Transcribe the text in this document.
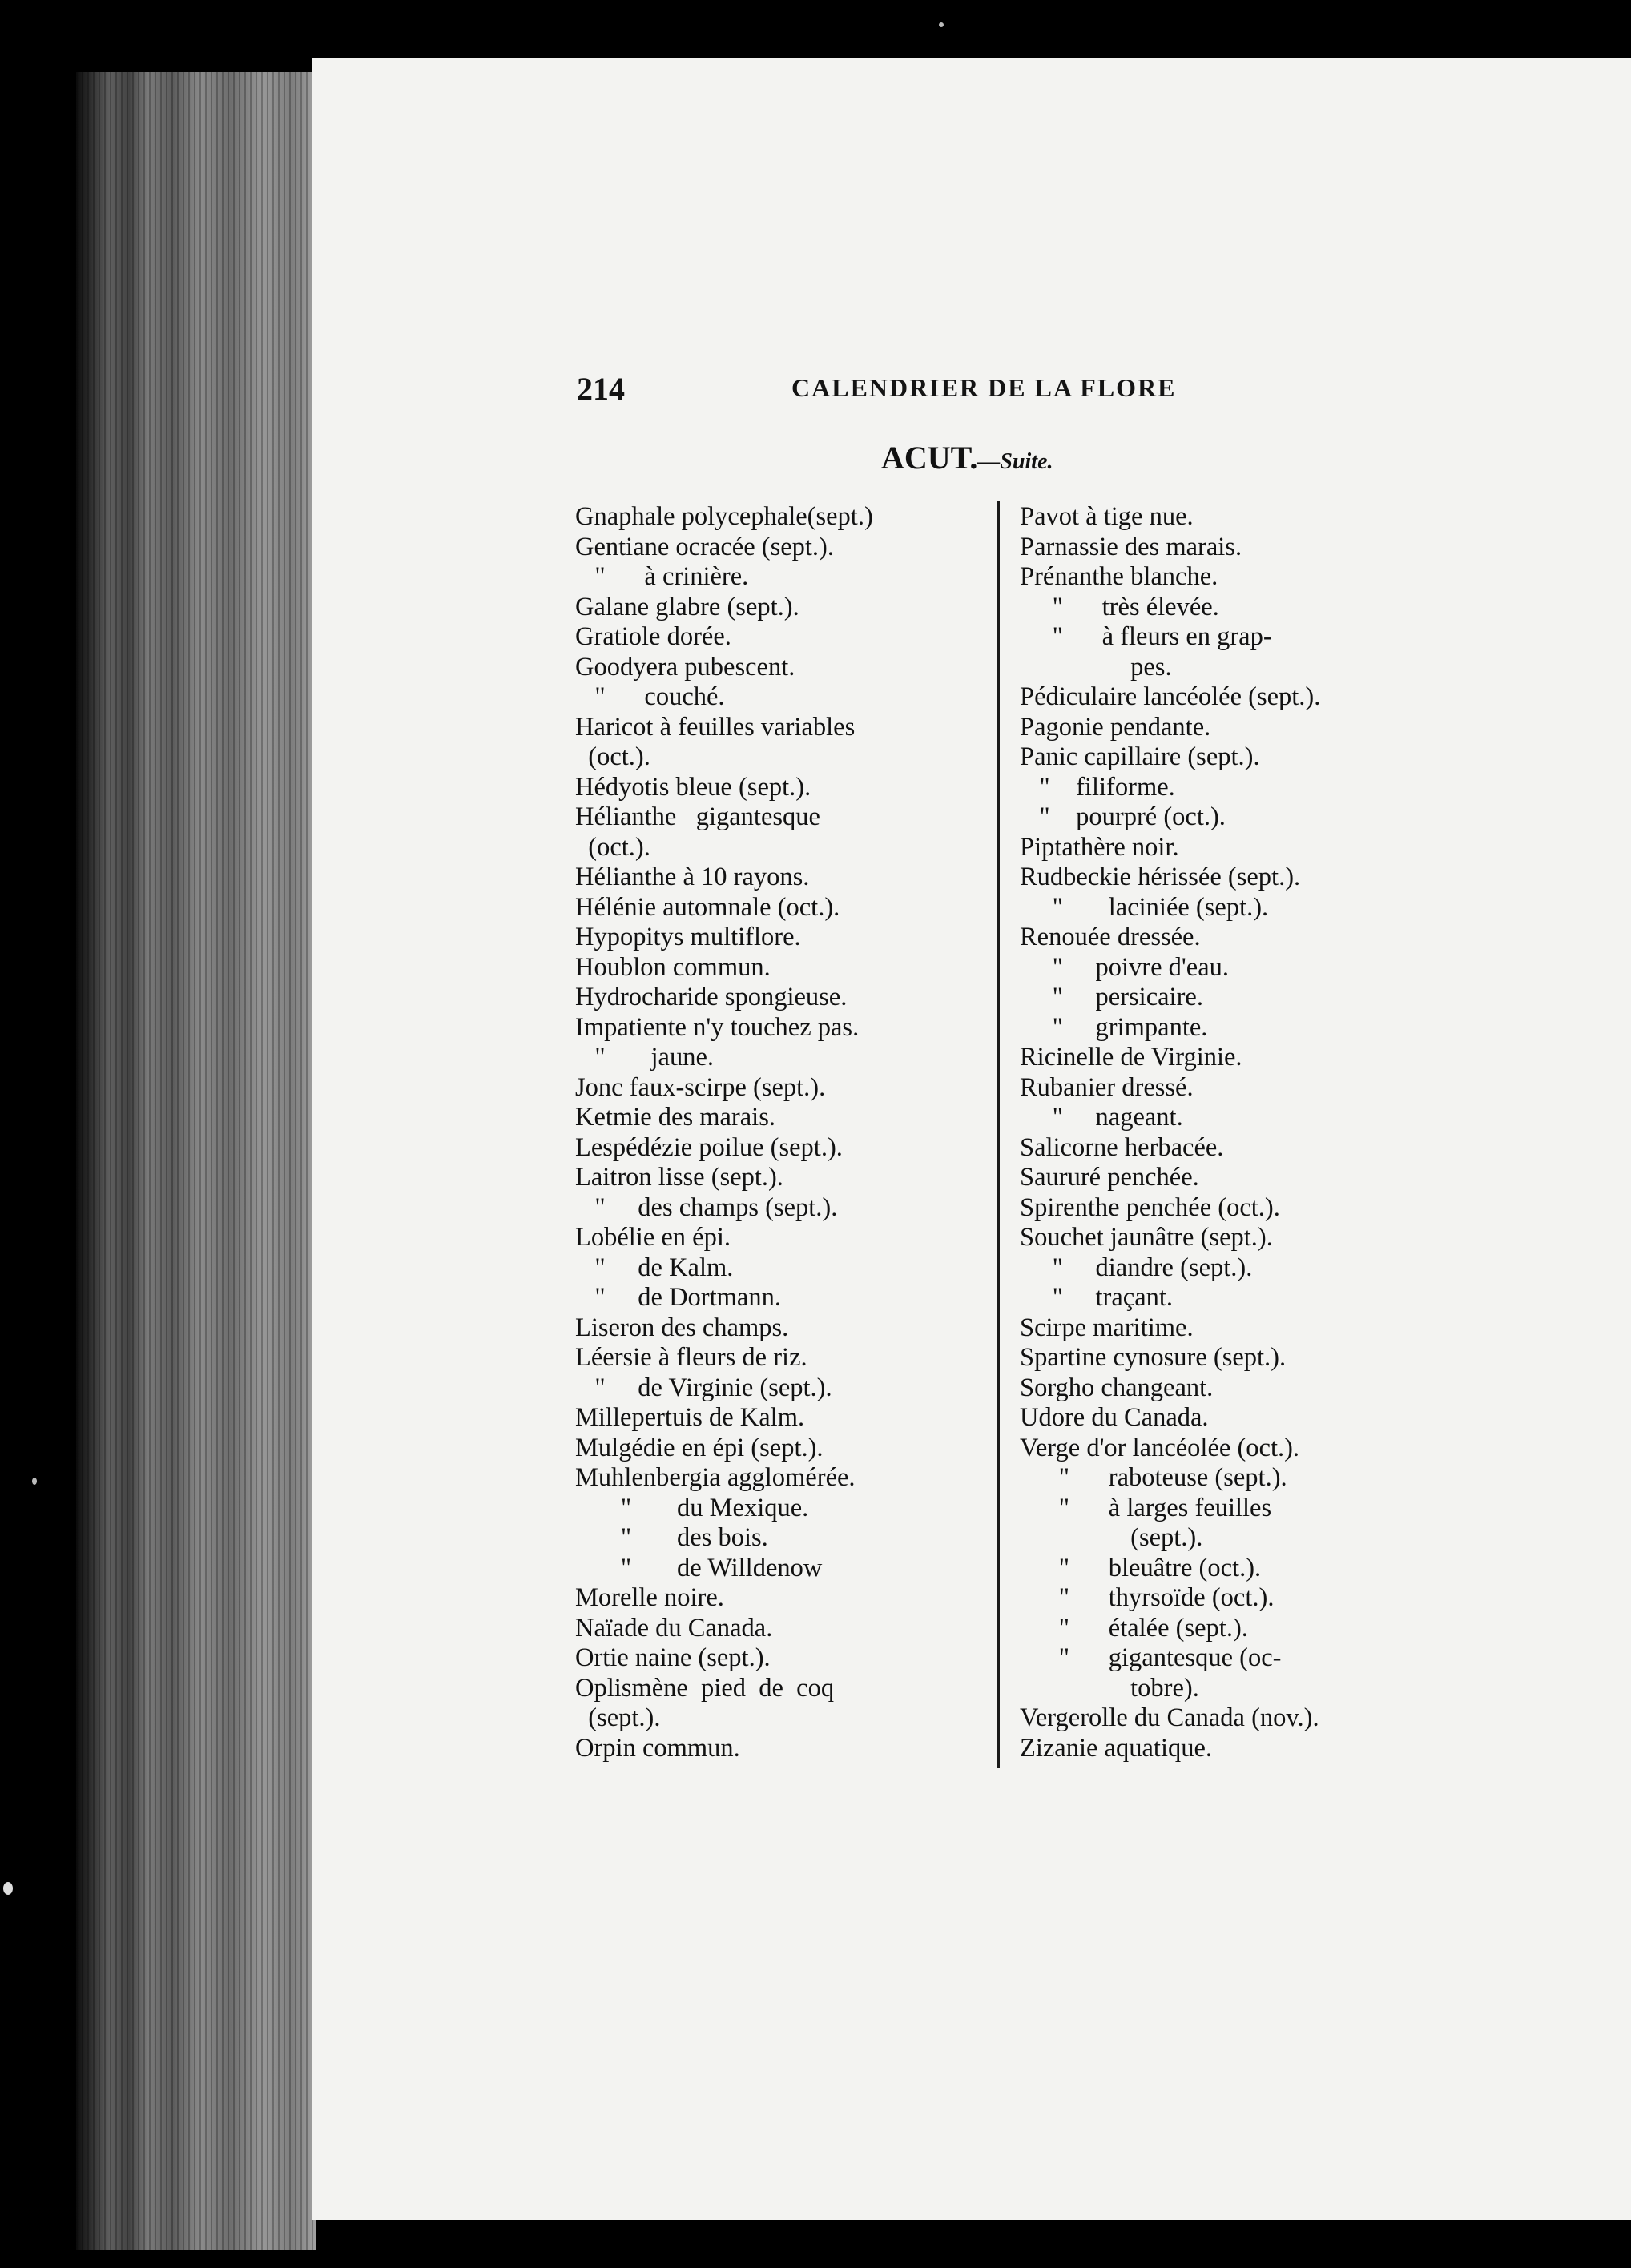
214	CALENDRIER DE LA FLORE
ACUT.—Suite.
Gnaphale polycephale(sept.)
Gentiane ocracée (sept.).
"      à crinière.
Galane glabre (sept.).
Gratiole dorée.
Goodyera pubescent.
"      couché.
Haricot à feuilles variables
(oct.).
Hédyotis bleue (sept.).
Hélianthe   gigantesque
(oct.).
Hélianthe à 10 rayons.
Hélénie automnale (oct.).
Hypopitys multiflore.
Houblon commun.
Hydrocharide spongieuse.
Impatiente n'y touchez pas.
"       jaune.
Jonc faux-scirpe (sept.).
Ketmie des marais.
Lespédézie poilue (sept.).
Laitron lisse (sept.).
"     des champs (sept.).
Lobélie en épi.
"     de Kalm.
"     de Dortmann.
Liseron des champs.
Léersie à fleurs de riz.
"     de Virginie (sept.).
Millepertuis de Kalm.
Mulgédie en épi (sept.).
Muhlenbergia agglomérée.
"       du Mexique.
"       des bois.
"       de Willdenow
Morelle noire.
Naïade du Canada.
Ortie naine (sept.).
Oplismène  pied  de  coq
(sept.).
Orpin commun.
Pavot à tige nue.
Parnassie des marais.
Prénanthe blanche.
"      très élevée.
"      à fleurs en grap-
pes.
Pédiculaire lancéolée (sept.).
Pagonie pendante.
Panic capillaire (sept.).
"    filiforme.
"    pourpré (oct.).
Piptathère noir.
Rudbeckie hérissée (sept.).
"       laciniée (sept.).
Renouée dressée.
"     poivre d'eau.
"     persicaire.
"     grimpante.
Ricinelle de Virginie.
Rubanier dressé.
"     nageant.
Salicorne herbacée.
Saururé penchée.
Spirenthe penchée (oct.).
Souchet jaunâtre (sept.).
"     diandre (sept.).
"     traçant.
Scirpe maritime.
Spartine cynosure (sept.).
Sorgho changeant.
Udore du Canada.
Verge d'or lancéolée (oct.).
"      raboteuse (sept.).
"      à larges feuilles
(sept.).
"      bleuâtre (oct.).
"      thyrsoïde (oct.).
"      étalée (sept.).
"      gigantesque (oc-
tobre).
Vergerolle du Canada (nov.).
Zizanie aquatique.
